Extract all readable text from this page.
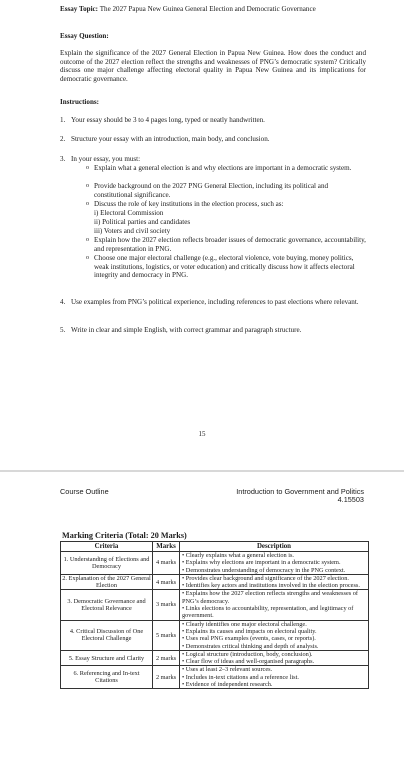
Essay Topic: The 2027 Papua New Guinea General Election and Democratic Governance
Essay Question:
Explain the significance of the 2027 General Election in Papua New Guinea. How does the conduct and outcome of the 2027 election reflect the strengths and weaknesses of PNG’s democratic system? Critically discuss one major challenge affecting electoral quality in Papua New Guinea and its implications for democratic governance.
Instructions:
1. Your essay should be 3 to 4 pages long, typed or neatly handwritten.
2. Structure your essay with an introduction, main body, and conclusion.
3. In your essay, you must:
o Explain what a general election is and why elections are important in a democratic system.
o Provide background on the 2027 PNG General Election, including its political and constitutional significance.
o Discuss the role of key institutions in the election process, such as:
i) Electoral Commission
ii) Political parties and candidates
iii) Voters and civil society
o Explain how the 2027 election reflects broader issues of democratic governance, accountability, and representation in PNG.
o Choose one major electoral challenge (e.g., electoral violence, vote buying, money politics, weak institutions, logistics, or voter education) and critically discuss how it affects electoral integrity and democracy in PNG.
4. Use examples from PNG’s political experience, including references to past elections where relevant.
5. Write in clear and simple English, with correct grammar and paragraph structure.
15
Course Outline	Introduction to Government and Politics
4.15503
Marking Criteria (Total: 20 Marks)
Criteria	Marks	Description
1. Understanding of Elections and Democracy	4 marks	• Clearly explains what a general election is.
• Explains why elections are important in a democratic system.
• Demonstrates understanding of democracy in the PNG context.

2. Explanation of the 2027 General Election	4 marks	• Provides clear background and significance of the 2027 election.
• Identifies key actors and institutions involved in the election process.

3. Democratic Governance and Electoral Relevance	3 marks	• Explains how the 2027 election reflects strengths and weaknesses of PNG’s democracy.
• Links elections to accountability, representation, and legitimacy of government.

4. Critical Discussion of One Electoral Challenge	5 marks	• Clearly identifies one major electoral challenge.
• Explains its causes and impacts on electoral quality.
• Uses real PNG examples (events, cases, or reports).
• Demonstrates critical thinking and depth of analysis.

5. Essay Structure and Clarity	2 marks	• Logical structure (introduction, body, conclusion).
• Clear flow of ideas and well-organised paragraphs.

6. Referencing and In-text Citations	2 marks	• Uses at least 2–3 relevant sources.
• Includes in-text citations and a reference list.
• Evidence of independent research.
